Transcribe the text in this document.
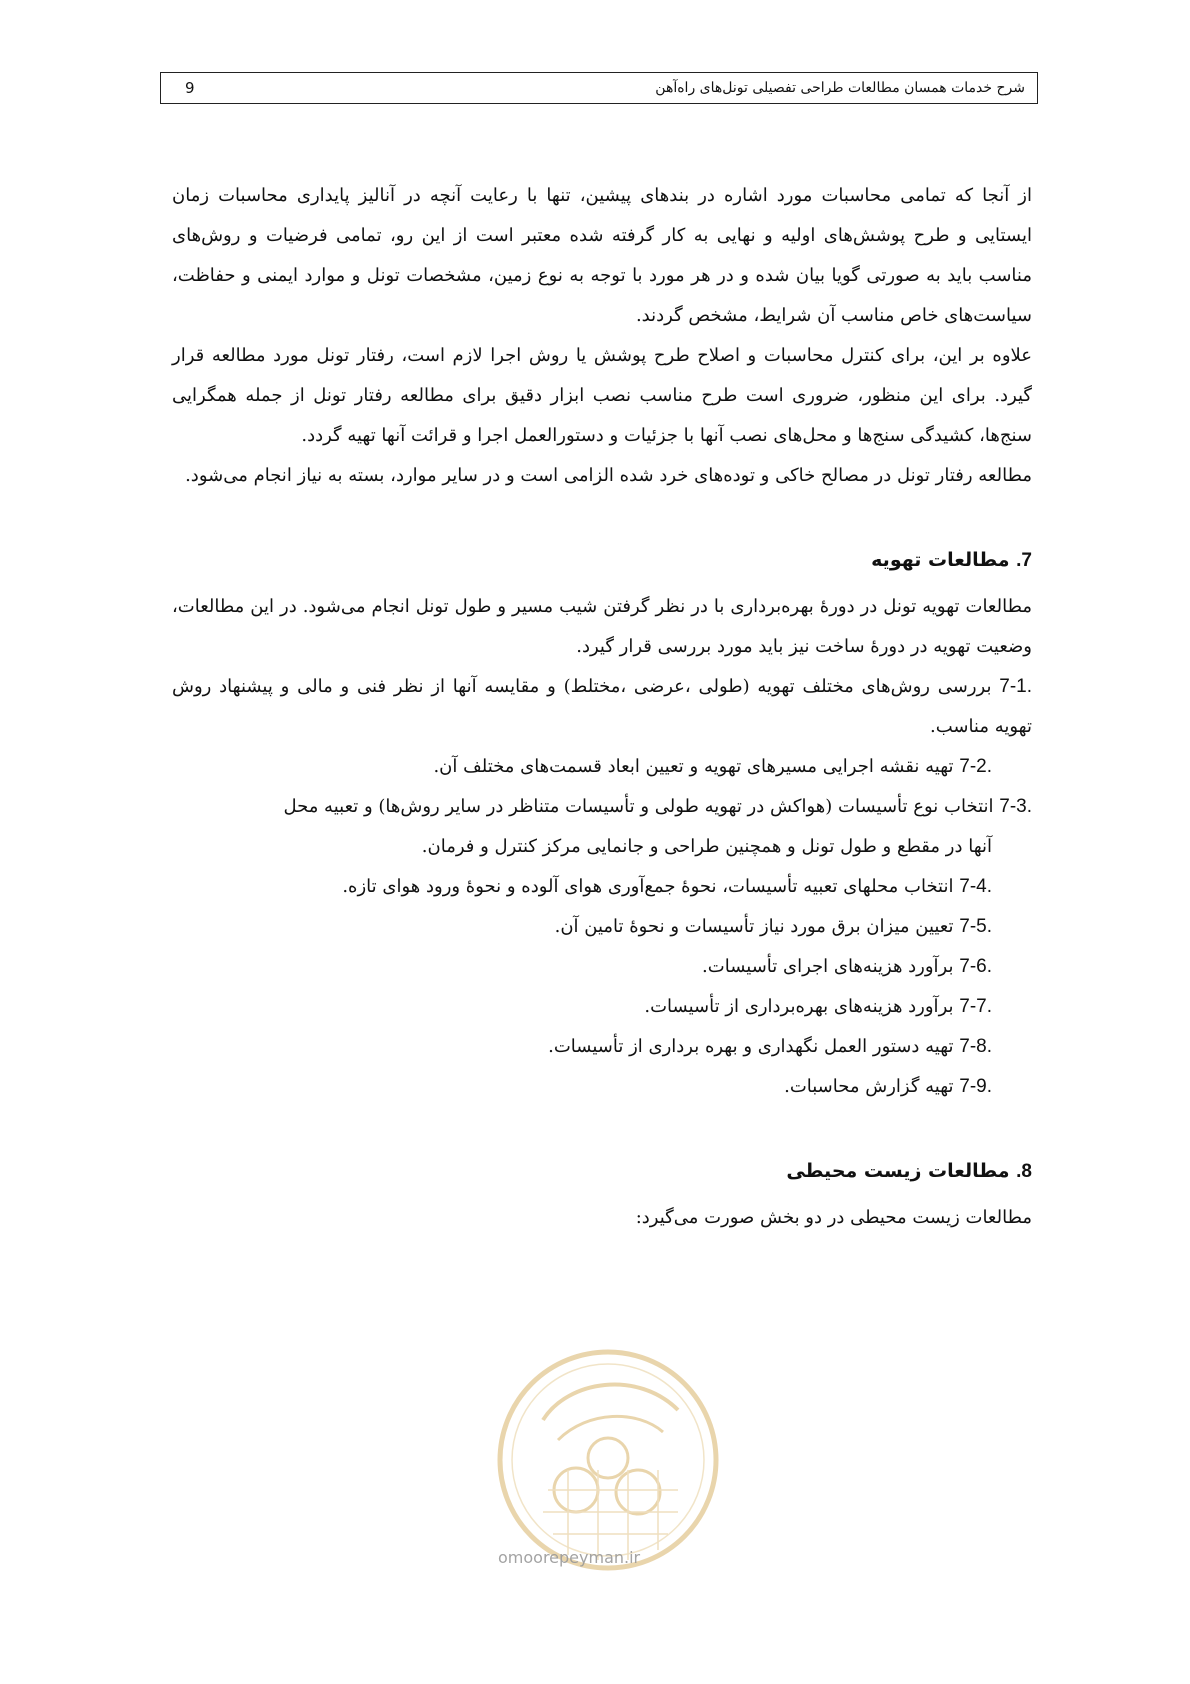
9	شرح خدمات همسان مطالعات طراحی تفصیلی تونل‌های راه‌آهن

از آنجا که تمامی محاسبات مورد اشاره در بندهای پیشین، تنها با رعایت آنچه در آنالیز پایداری محاسبات زمان ایستایی و طرح پوشش‌های اولیه و نهایی به کار گرفته شده معتبر است از این رو، تمامی فرضیات و روش‌های مناسب باید به صورتی گویا بیان شده و در هر مورد با توجه به نوع زمین، مشخصات تونل و موارد ایمنی و حفاظت، سیاست‌های خاص مناسب آن شرایط، مشخص گردند.

علاوه بر این، برای کنترل محاسبات و اصلاح طرح پوشش یا روش اجرا لازم است، رفتار تونل مورد مطالعه قرار گیرد. برای این منظور، ضروری است طرح مناسب نصب ابزار دقیق برای مطالعه رفتار تونل از جمله همگرایی سنج‌ها، کشیدگی سنج‌ها و محل‌های نصب آنها با جزئیات و دستورالعمل اجرا و قرائت آنها تهیه گردد.

مطالعه رفتار تونل در مصالح خاکی و توده‌های خرد شده الزامی است و در سایر موارد، بسته به نیاز انجام می‌شود.

7. مطالعات تهویه

مطالعات تهویه تونل در دورهٔ بهره‌برداری با در نظر گرفتن شیب مسیر و طول تونل انجام می‌شود. در این مطالعات، وضعیت تهویه در دورهٔ ساخت نیز باید مورد بررسی قرار گیرد.

7-1. بررسی روش‌های مختلف تهویه (طولی ،عرضی ،مختلط) و مقایسه آنها از نظر فنی و مالی و پیشنهاد روش تهویه مناسب.

7-2. تهیه نقشه اجرایی مسیرهای تهویه و تعیین ابعاد قسمت‌های مختلف آن.

7-3. انتخاب نوع تأسیسات (هواکش در تهویه طولی و تأسیسات متناظر در سایر روش‌ها) و تعبیه محل
آنها در مقطع و طول تونل و همچنین طراحی و جانمایی مرکز کنترل و فرمان.

7-4. انتخاب محلهای تعبیه تأسیسات، نحوهٔ جمع‌آوری هوای آلوده و نحوهٔ ورود هوای تازه.

7-5. تعیین میزان برق مورد نیاز تأسیسات و نحوهٔ تامین آن.

7-6. برآورد هزینه‌های اجرای تأسیسات.

7-7. برآورد هزینه‌های بهره‌برداری از تأسیسات.

7-8. تهیه دستور العمل نگهداری و بهره برداری از تأسیسات.

7-9. تهیه گزارش محاسبات.

8. مطالعات زیست محیطی

مطالعات زیست محیطی در دو بخش صورت می‌گیرد:

omoorepeyman.ir
